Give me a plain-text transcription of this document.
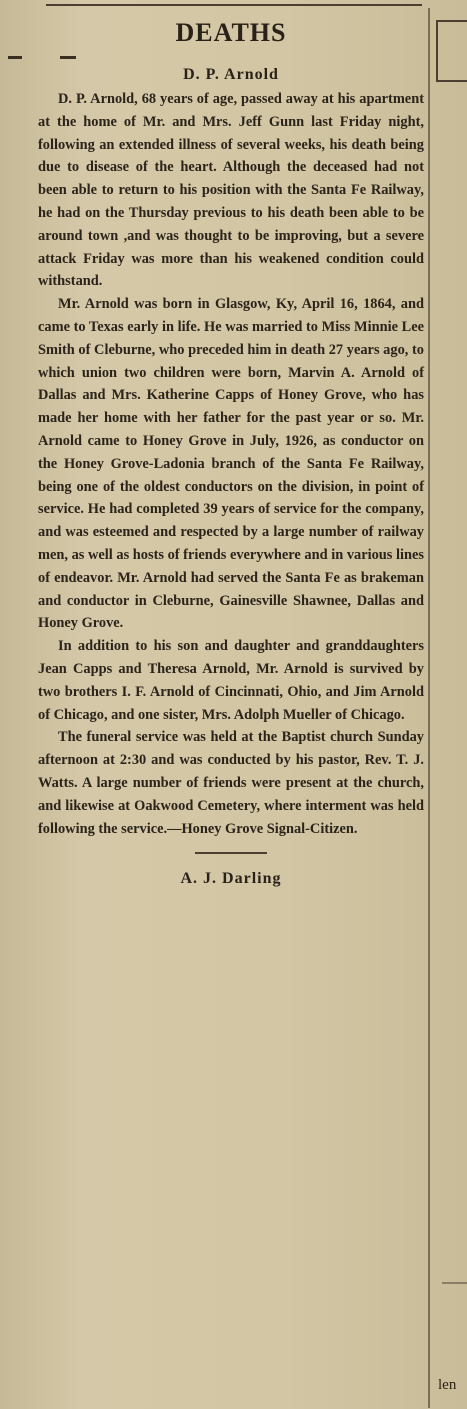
DEATHS
D. P. Arnold

D. P. Arnold, 68 years of age, passed away at his apartment at the home of Mr. and Mrs. Jeff Gunn last Friday night, following an extended illness of several weeks, his death being due to disease of the heart. Although the deceased had not been able to return to his position with the Santa Fe Railway, he had on the Thursday previous to his death been able to be around town ,and was thought to be improving, but a severe attack Friday was more than his weakened condition could withstand.

Mr. Arnold was born in Glasgow, Ky, April 16, 1864, and came to Texas early in life. He was married to Miss Minnie Lee Smith of Cleburne, who preceded him in death 27 years ago, to which union two children were born, Marvin A. Arnold of Dallas and Mrs. Katherine Capps of Honey Grove, who has made her home with her father for the past year or so. Mr. Arnold came to Honey Grove in July, 1926, as conductor on the Honey Grove-Ladonia branch of the Santa Fe Railway, being one of the oldest conductors on the division, in point of service. He had completed 39 years of service for the company, and was esteemed and respected by a large number of railway men, as well as hosts of friends everywhere and in various lines of endeavor. Mr. Arnold had served the Santa Fe as brakeman and conductor in Cleburne, Gainesville Shawnee, Dallas and Honey Grove.

In addition to his son and daughter and granddaughters Jean Capps and Theresa Arnold, Mr. Arnold is survived by two brothers I. F. Arnold of Cincinnati, Ohio, and Jim Arnold of Chicago, and one sister, Mrs. Adolph Mueller of Chicago.

The funeral service was held at the Baptist church Sunday afternoon at 2:30 and was conducted by his pastor, Rev. T. J. Watts. A large number of friends were present at the church, and likewise at Oakwood Cemetery, where interment was held following the service.—Honey Grove Signal-Citizen.

A. J. Darling
len
